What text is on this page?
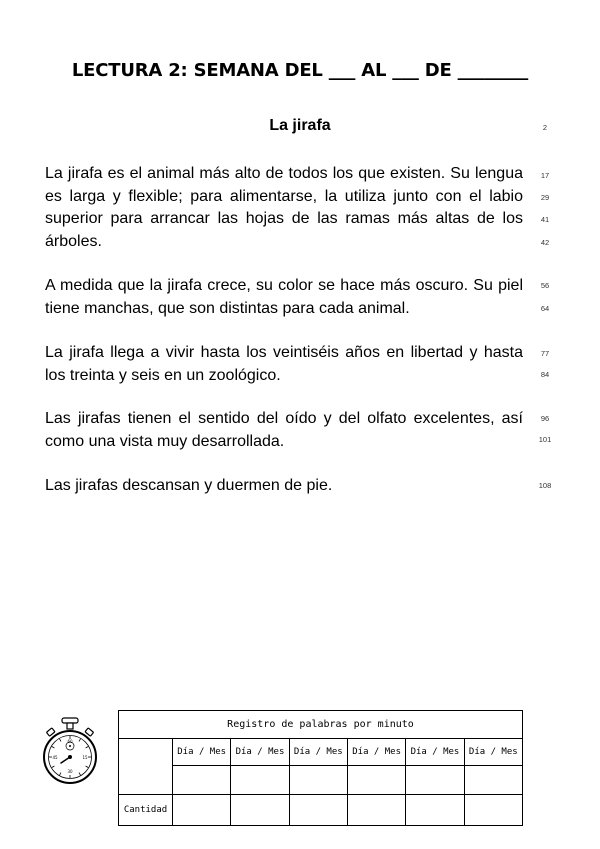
LECTURA 2: SEMANA DEL ___ AL ___ DE ________
La jirafa	2
La jirafa es el animal más alto de todos los que existen. Su lengua es larga y flexible; para alimentarse, la utiliza junto con el labio superior para arrancar las hojas de las ramas más altas de los árboles.
17
29
41
42
A medida que la jirafa crece, su color se hace más oscuro. Su piel tiene manchas, que son distintas para cada animal.
56
64
La jirafa llega a vivir hasta los veintiséis años en libertad y hasta los treinta y seis en un zoológico.
77
84
Las jirafas tienen el sentido del oído y del olfato excelentes, así como una vista muy desarrollada.
96
101
Las jirafas descansan y duermen de pie.	108
60
15
30
45
Registro de palabras por minuto						
	Día / Mes	Día / Mes	Día / Mes	Día / Mes	Día / Mes	Día / Mes

Cantidad						
